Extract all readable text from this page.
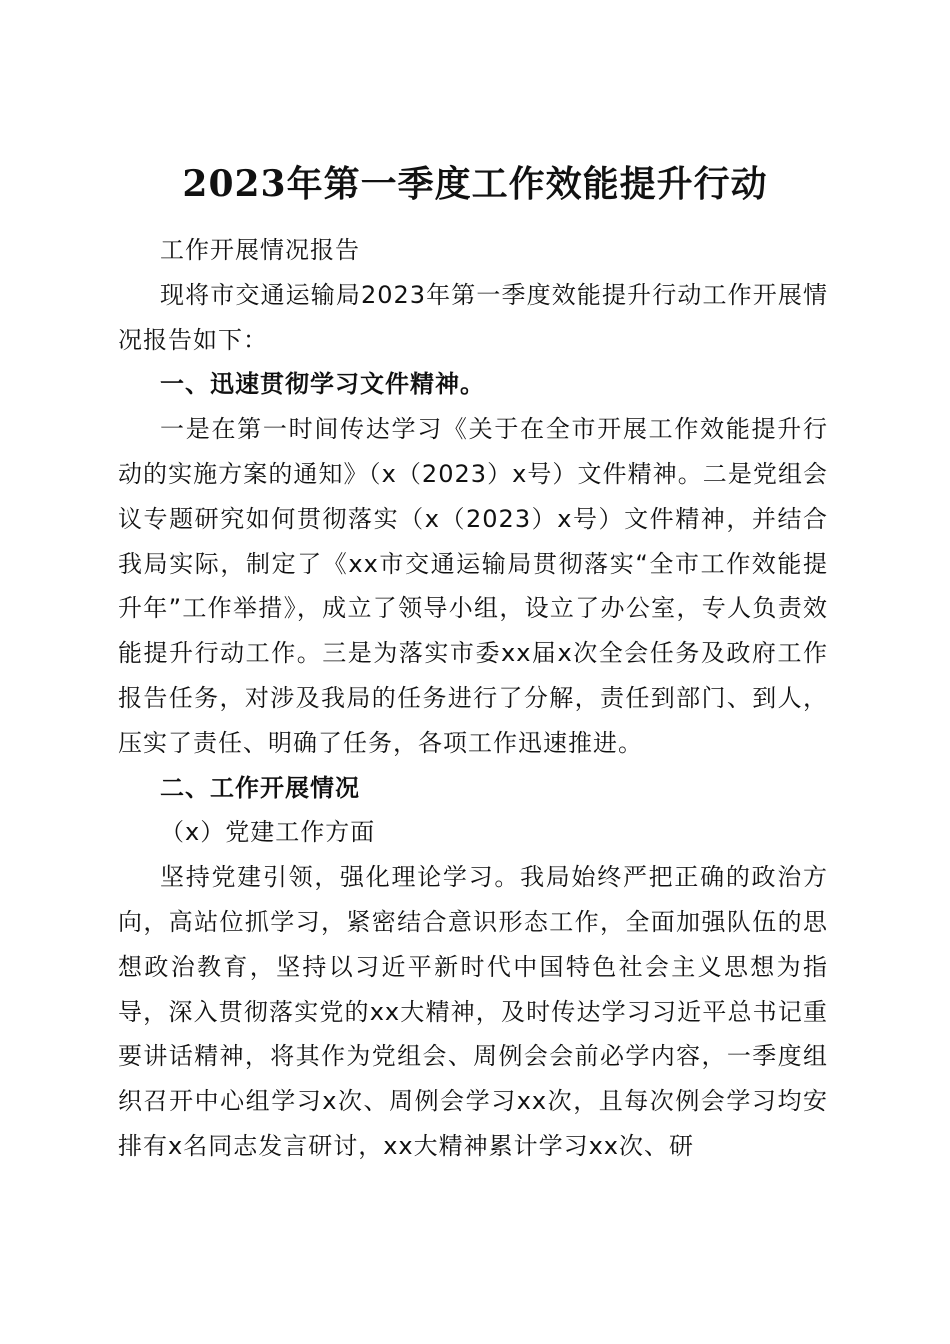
2023年第一季度工作效能提升行动

工作开展情况报告

现将市交通运输局2023年第一季度效能提升行动工作开展情况报告如下：

一、迅速贯彻学习文件精神。

一是在第一时间传达学习《关于在全市开展工作效能提升行动的实施方案的通知》（x（2023）x号）文件精神。二是党组会议专题研究如何贯彻落实（x（2023）x号）文件精神，并结合我局实际，制定了《xx市交通运输局贯彻落实“全市工作效能提升年”工作举措》，成立了领导小组，设立了办公室，专人负责效能提升行动工作。三是为落实市委xx届x次全会任务及政府工作报告任务，对涉及我局的任务进行了分解，责任到部门、到人，压实了责任、明确了任务，各项工作迅速推进。

二、工作开展情况

（x）党建工作方面

坚持党建引领，强化理论学习。我局始终严把正确的政治方向，高站位抓学习，紧密结合意识形态工作，全面加强队伍的思想政治教育，坚持以习近平新时代中国特色社会主义思想为指导，深入贯彻落实党的xx大精神，及时传达学习习近平总书记重要讲话精神，将其作为党组会、周例会会前必学内容，一季度组织召开中心组学习x次、周例会学习xx次，且每次例会学习均安排有x名同志发言研讨，xx大精神累计学习xx次、研
